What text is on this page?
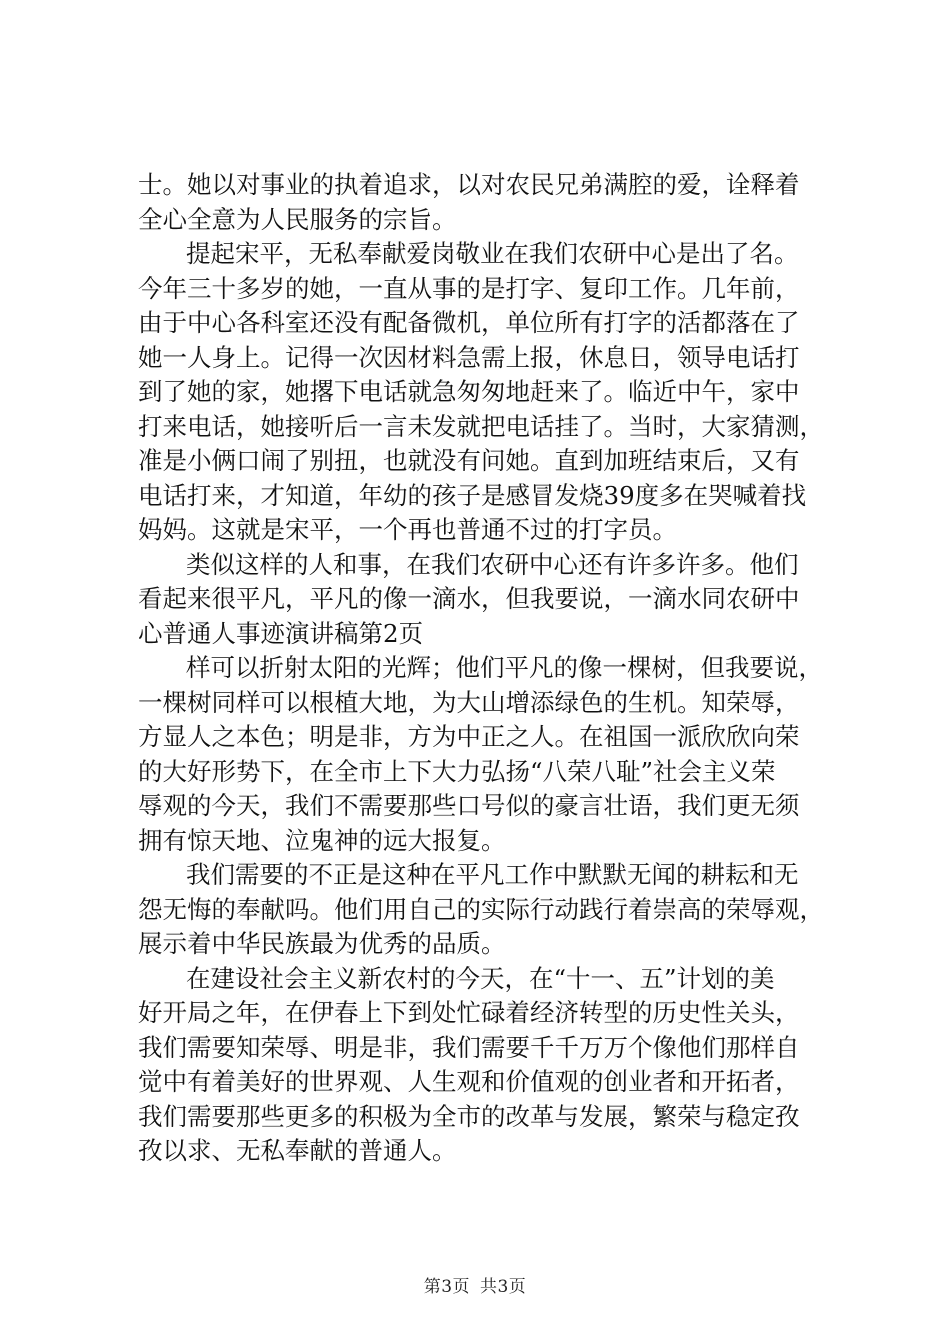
士。她以对事业的执着追求，以对农民兄弟满腔的爱，诠释着
全心全意为人民服务的宗旨。
提起宋平，无私奉献爱岗敬业在我们农研中心是出了名。
今年三十多岁的她，一直从事的是打字、复印工作。几年前，
由于中心各科室还没有配备微机，单位所有打字的活都落在了
她一人身上。记得一次因材料急需上报，休息日，领导电话打
到了她的家，她撂下电话就急匆匆地赶来了。临近中午，家中
打来电话，她接听后一言未发就把电话挂了。当时，大家猜测，
准是小俩口闹了别扭，也就没有问她。直到加班结束后，又有
电话打来，才知道，年幼的孩子是感冒发烧39度多在哭喊着找
妈妈。这就是宋平，一个再也普通不过的打字员。
类似这样的人和事，在我们农研中心还有许多许多。他们
看起来很平凡，平凡的像一滴水，但我要说，一滴水同农研中
心普通人事迹演讲稿第2页
样可以折射太阳的光辉；他们平凡的像一棵树，但我要说，
一棵树同样可以根植大地，为大山增添绿色的生机。知荣辱，
方显人之本色；明是非，方为中正之人。在祖国一派欣欣向荣
的大好形势下，在全市上下大力弘扬“八荣八耻”社会主义荣
辱观的今天，我们不需要那些口号似的豪言壮语，我们更无须
拥有惊天地、泣鬼神的远大报复。
我们需要的不正是这种在平凡工作中默默无闻的耕耘和无
怨无悔的奉献吗。他们用自己的实际行动践行着崇高的荣辱观，
展示着中华民族最为优秀的品质。
在建设社会主义新农村的今天，在“十一、五”计划的美
好开局之年，在伊春上下到处忙碌着经济转型的历史性关头，
我们需要知荣辱、明是非，我们需要千千万万个像他们那样自
觉中有着美好的世界观、人生观和价值观的创业者和开拓者，
我们需要那些更多的积极为全市的改革与发展，繁荣与稳定孜
孜以求、无私奉献的普通人。
第3页 共3页
